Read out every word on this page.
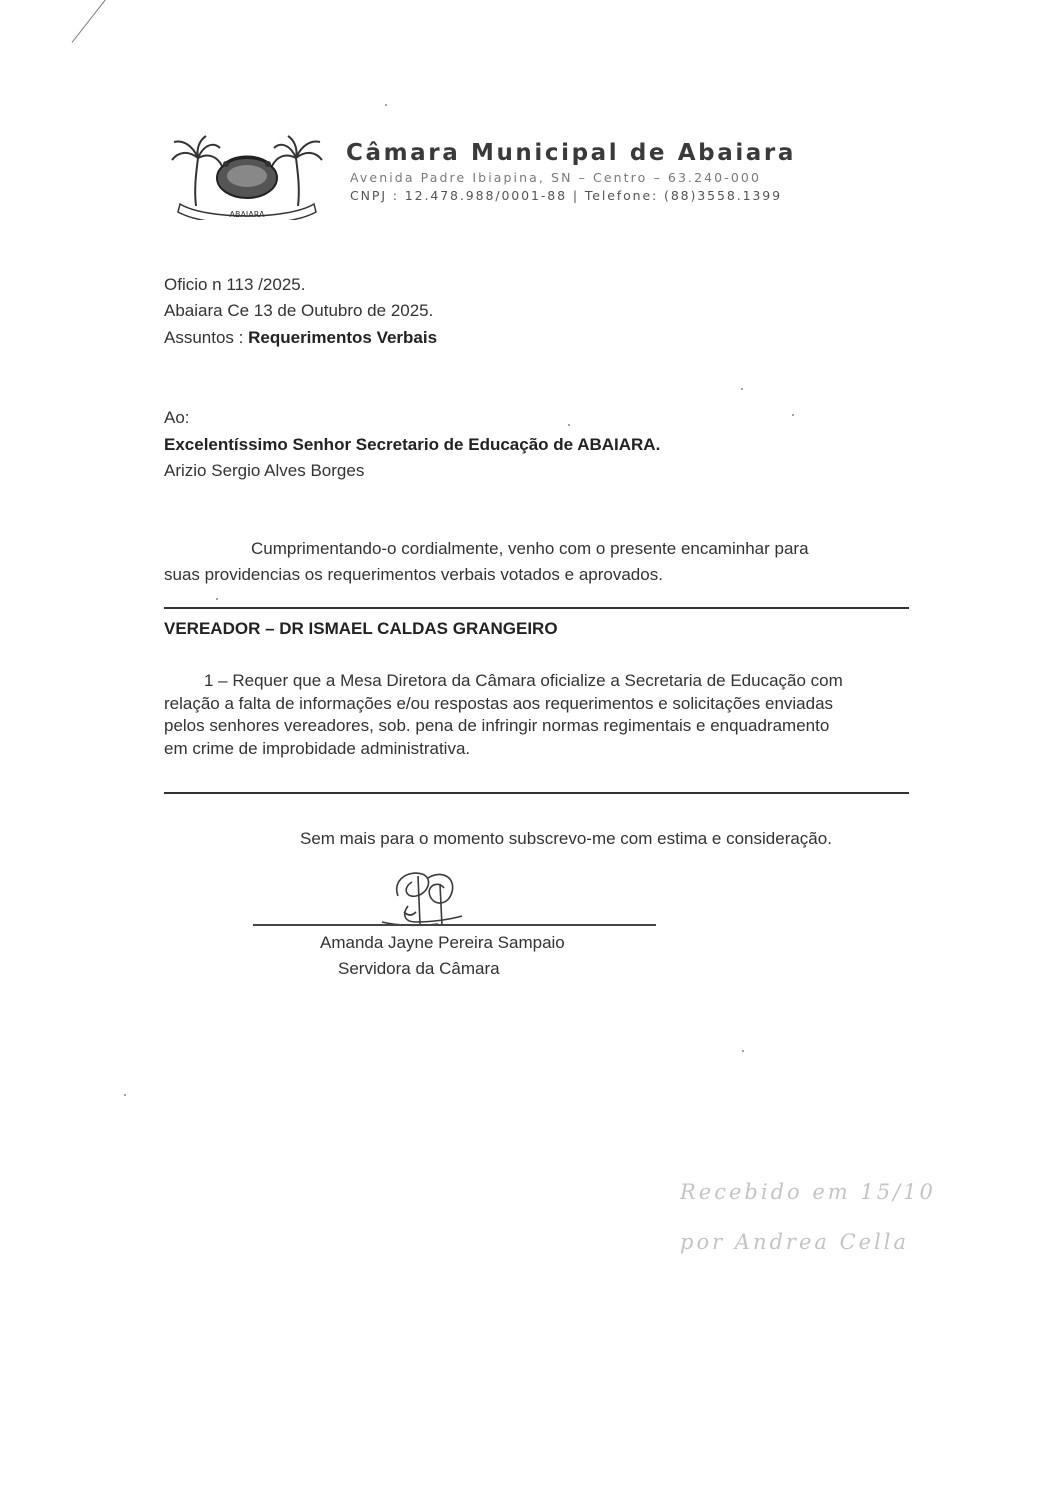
ABAIARA
Câmara Municipal de Abaiara
Avenida Padre Ibiapina, SN – Centro – 63.240-000
CNPJ : 12.478.988/0001-88 | Telefone: (88)3558.1399
Oficio n 113 /2025.
Abaiara Ce 13 de Outubro de 2025.
Assuntos : Requerimentos Verbais
Ao:
Excelentíssimo Senhor Secretario de Educação de ABAIARA.
Arizio Sergio Alves Borges
Cumprimentando-o cordialmente, venho com o presente encaminhar para
suas providencias os requerimentos verbais votados e aprovados.
VEREADOR – DR ISMAEL CALDAS GRANGEIRO
1 – Requer que a Mesa Diretora da Câmara oficialize a Secretaria de Educação com
relação a falta de informações e/ou respostas aos requerimentos e solicitações enviadas
pelos senhores vereadores, sob. pena de infringir normas regimentais e enquadramento
em crime de improbidade administrativa.
Sem mais para o momento subscrevo-me com estima e consideração.
Amanda Jayne Pereira Sampaio
Servidora da Câmara
Recebido em 15/10
por Andrea Cella
